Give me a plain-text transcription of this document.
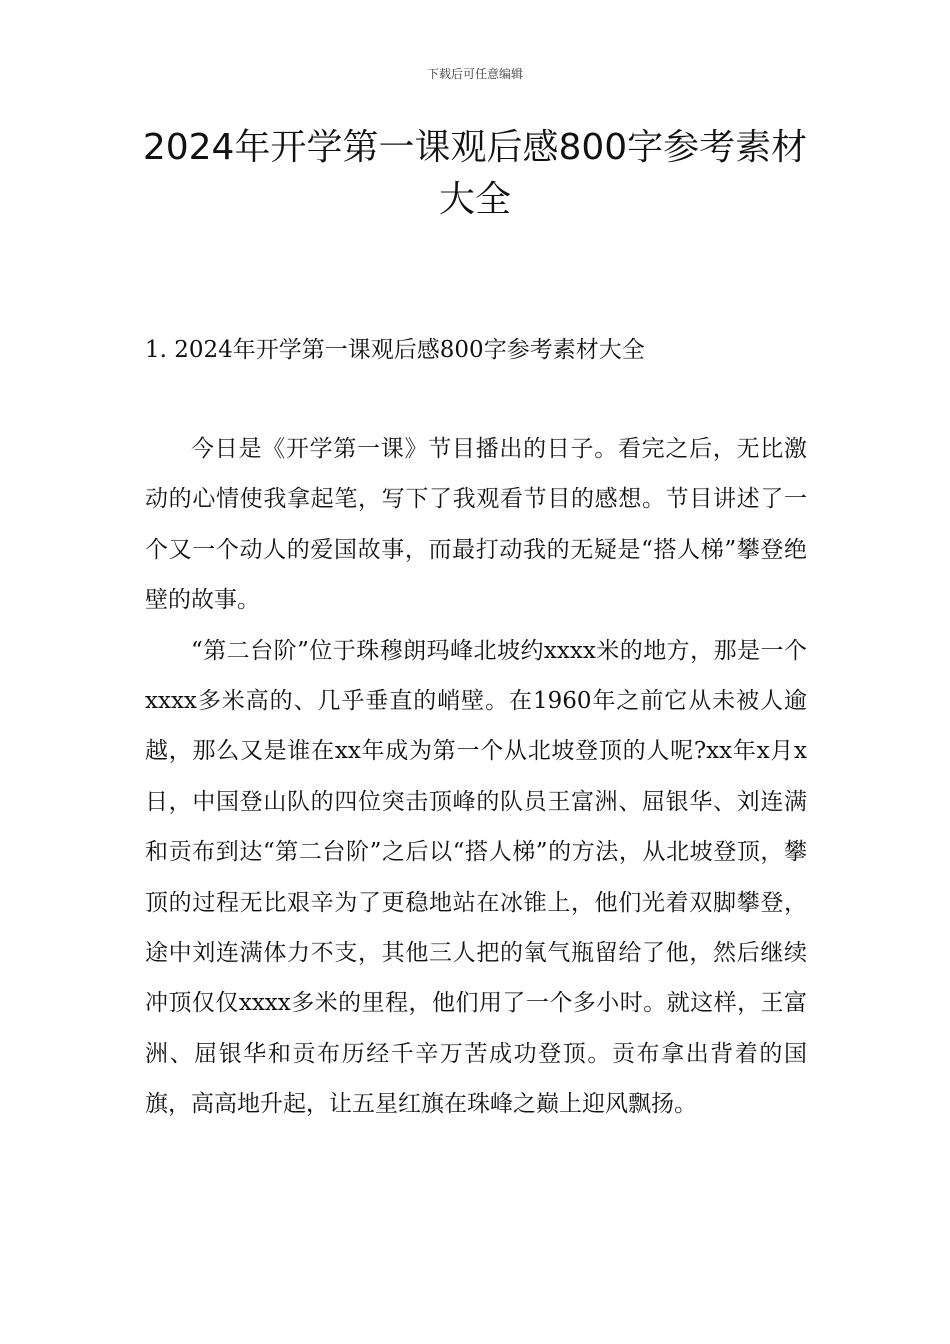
下载后可任意编辑
2024年开学第一课观后感800字参考素材
大全
1. 2024年开学第一课观后感800字参考素材大全

今日是《开学第一课》节目播出的日子。看完之后，无比激动的心情使我拿起笔，写下了我观看节目的感想。节目讲述了一个又一个动人的爱国故事，而最打动我的无疑是“搭人梯”攀登绝壁的故事。

“第二台阶”位于珠穆朗玛峰北坡约xxxx米的地方，那是一个xxxx多米高的、几乎垂直的峭壁。在1960年之前它从未被人逾越，那么又是谁在xx年成为第一个从北坡登顶的人呢?xx年x月x日，中国登山队的四位突击顶峰的队员王富洲、屈银华、刘连满和贡布到达“第二台阶”之后以“搭人梯”的方法，从北坡登顶，攀顶的过程无比艰辛为了更稳地站在冰锥上，他们光着双脚攀登，途中刘连满体力不支，其他三人把的氧气瓶留给了他，然后继续冲顶仅仅xxxx多米的里程，他们用了一个多小时。就这样，王富洲、屈银华和贡布历经千辛万苦成功登顶。贡布拿出背着的国旗，高高地升起，让五星红旗在珠峰之巅上迎风飘扬。
